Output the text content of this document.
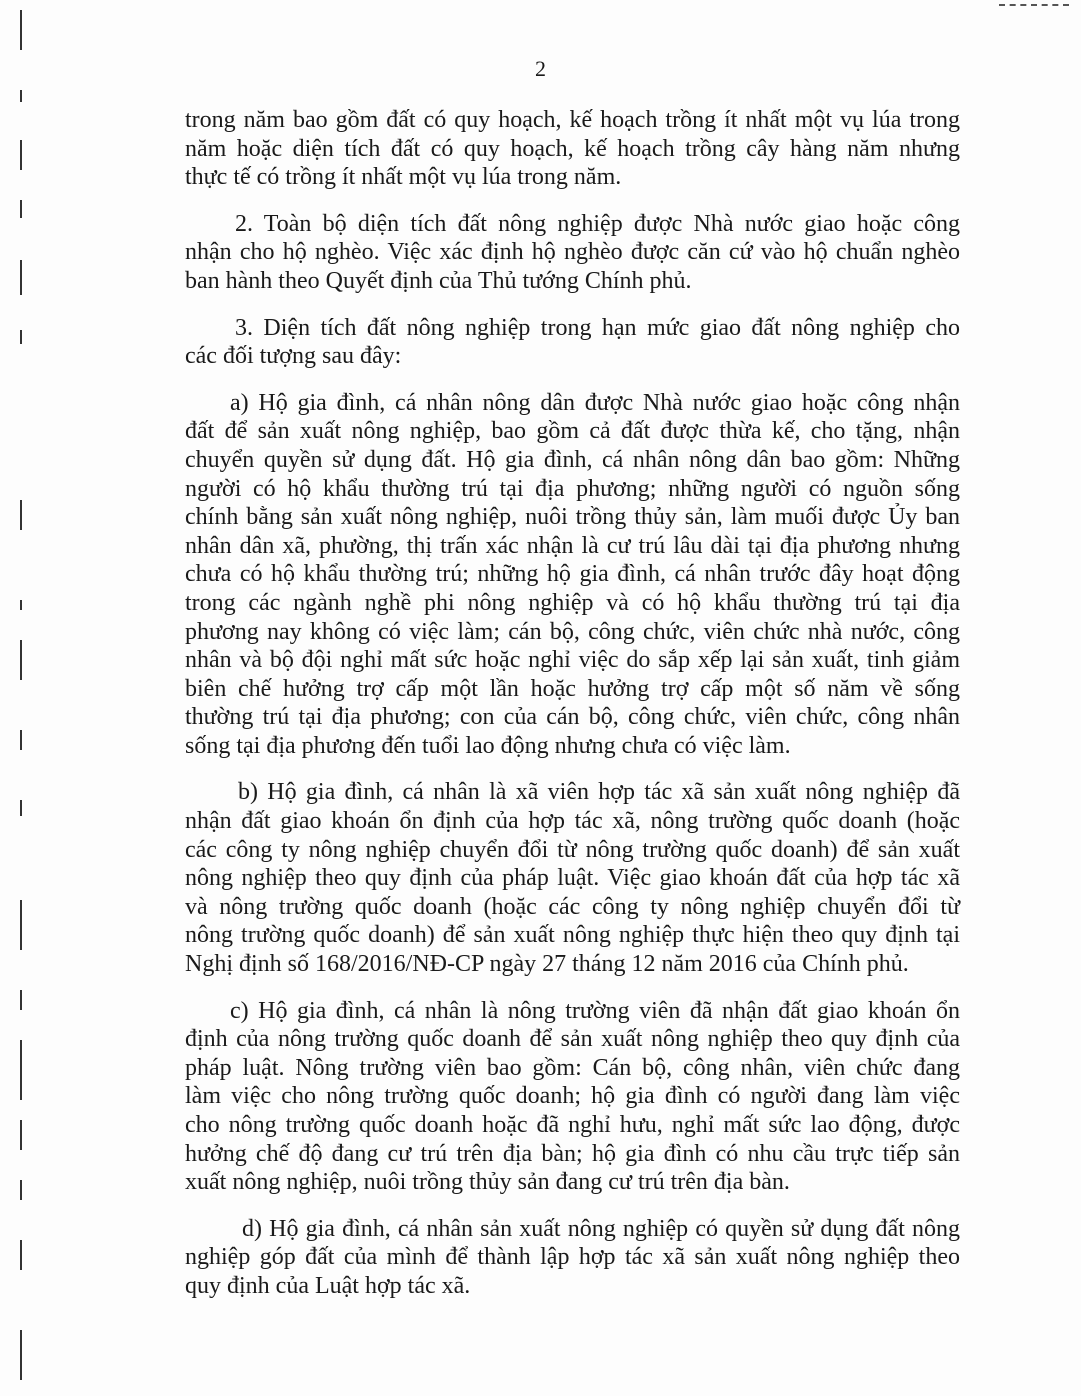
2

trong năm bao gồm đất có quy hoạch, kế hoạch trồng ít nhất một vụ lúa trong
năm hoặc diện tích đất có quy hoạch, kế hoạch trồng cây hàng năm nhưng
thực tế có trồng ít nhất một vụ lúa trong năm.

2. Toàn bộ diện tích đất nông nghiệp được Nhà nước giao hoặc công
nhận cho hộ nghèo. Việc xác định hộ nghèo được căn cứ vào hộ chuẩn nghèo
ban hành theo Quyết định của Thủ tướng Chính phủ.

3. Diện tích đất nông nghiệp trong hạn mức giao đất nông nghiệp cho
các đối tượng sau đây:

a) Hộ gia đình, cá nhân nông dân được Nhà nước giao hoặc công nhận
đất để sản xuất nông nghiệp, bao gồm cả đất được thừa kế, cho tặng, nhận
chuyển quyền sử dụng đất. Hộ gia đình, cá nhân nông dân bao gồm: Những
người có hộ khẩu thường trú tại địa phương; những người có nguồn sống
chính bằng sản xuất nông nghiệp, nuôi trồng thủy sản, làm muối được Ủy ban
nhân dân xã, phường, thị trấn xác nhận là cư trú lâu dài tại địa phương nhưng
chưa có hộ khẩu thường trú; những hộ gia đình, cá nhân trước đây hoạt động
trong các ngành nghề phi nông nghiệp và có hộ khẩu thường trú tại địa
phương nay không có việc làm; cán bộ, công chức, viên chức nhà nước, công
nhân và bộ đội nghỉ mất sức hoặc nghỉ việc do sắp xếp lại sản xuất, tinh giảm
biên chế hưởng trợ cấp một lần hoặc hưởng trợ cấp một số năm về sống
thường trú tại địa phương; con của cán bộ, công chức, viên chức, công nhân
sống tại địa phương đến tuổi lao động nhưng chưa có việc làm.

b) Hộ gia đình, cá nhân là xã viên hợp tác xã sản xuất nông nghiệp đã
nhận đất giao khoán ổn định của hợp tác xã, nông trường quốc doanh (hoặc
các công ty nông nghiệp chuyển đổi từ nông trường quốc doanh) để sản xuất
nông nghiệp theo quy định của pháp luật. Việc giao khoán đất của hợp tác xã
và nông trường quốc doanh (hoặc các công ty nông nghiệp chuyển đổi từ
nông trường quốc doanh) để sản xuất nông nghiệp thực hiện theo quy định tại
Nghị định số 168/2016/NĐ-CP ngày 27 tháng 12 năm 2016 của Chính phủ.

c) Hộ gia đình, cá nhân là nông trường viên đã nhận đất giao khoán ổn
định của nông trường quốc doanh để sản xuất nông nghiệp theo quy định của
pháp luật. Nông trường viên bao gồm: Cán bộ, công nhân, viên chức đang
làm việc cho nông trường quốc doanh; hộ gia đình có người đang làm việc
cho nông trường quốc doanh hoặc đã nghỉ hưu, nghỉ mất sức lao động, được
hưởng chế độ đang cư trú trên địa bàn; hộ gia đình có nhu cầu trực tiếp sản
xuất nông nghiệp, nuôi trồng thủy sản đang cư trú trên địa bàn.

d) Hộ gia đình, cá nhân sản xuất nông nghiệp có quyền sử dụng đất nông
nghiệp góp đất của mình để thành lập hợp tác xã sản xuất nông nghiệp theo
quy định của Luật hợp tác xã.
